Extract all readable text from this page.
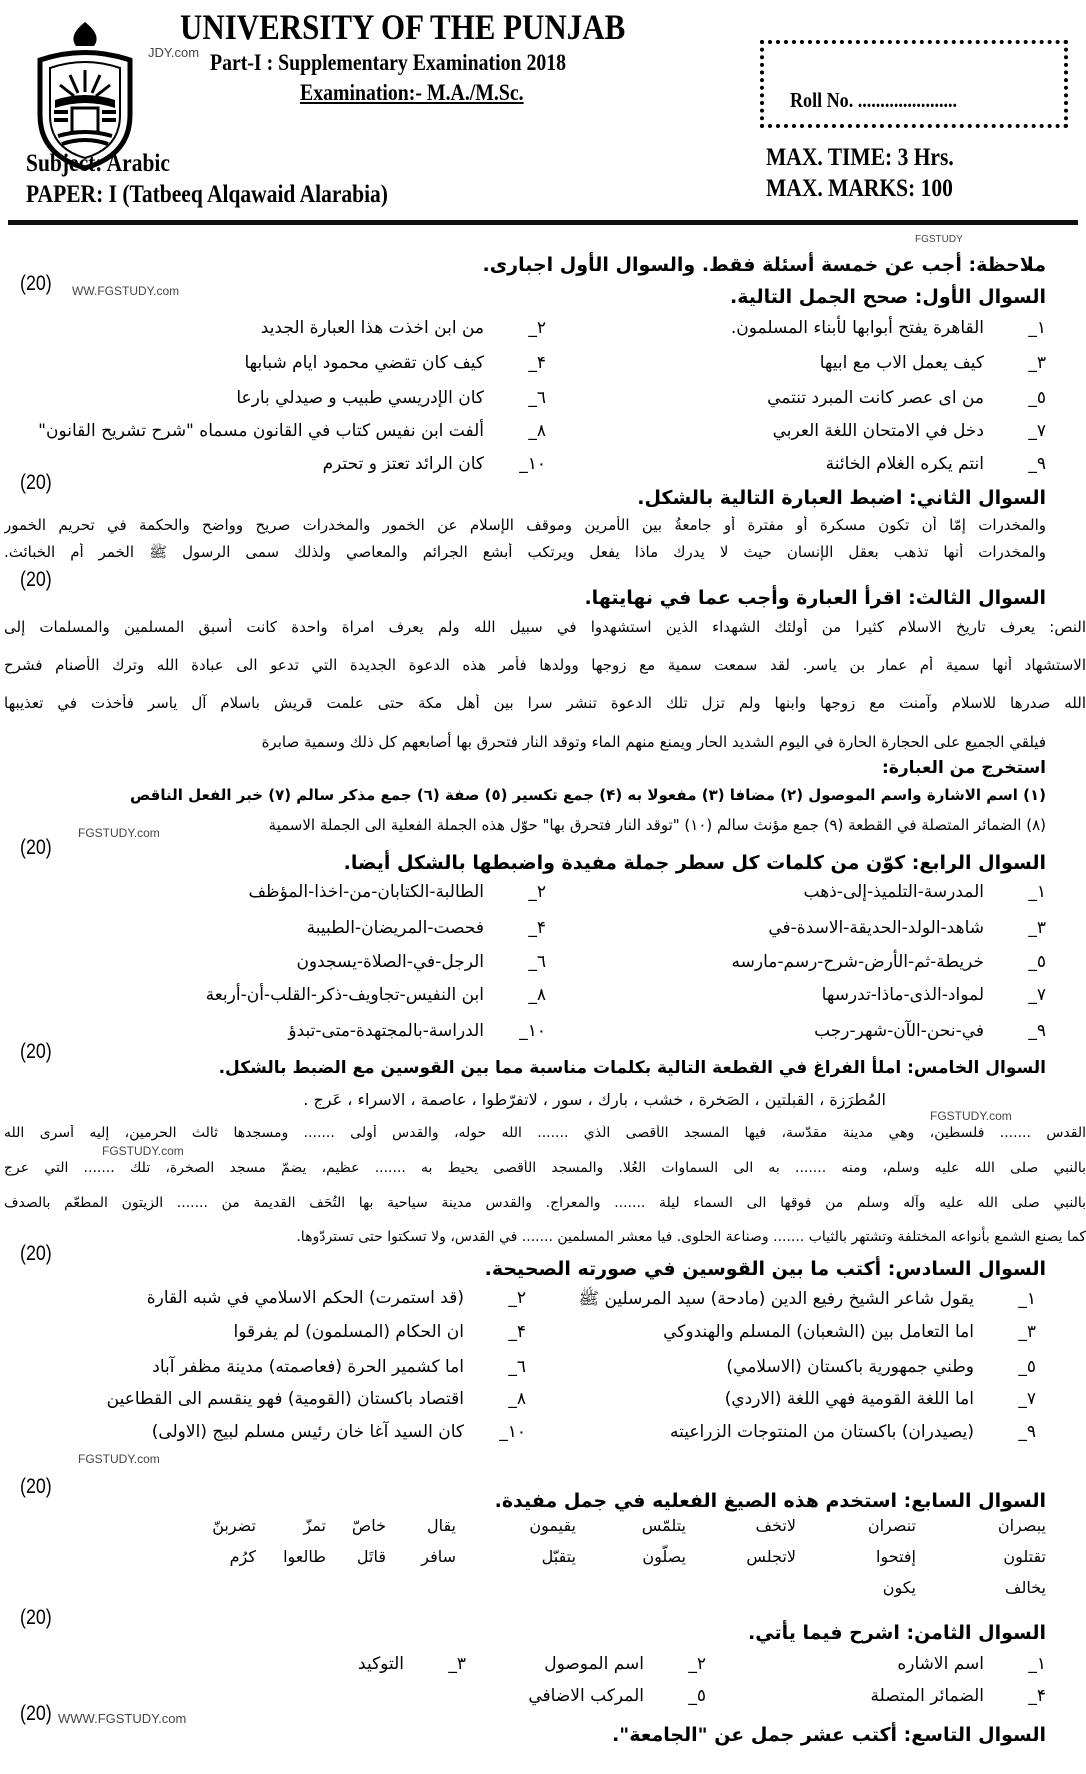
JDY.com
UNIVERSITY OF THE PUNJAB
Part-I : Supplementary Examination 2018
Examination:- M.A./M.Sc.	Roll No. ......................
Subject: Arabic
PAPER: I (Tatbeeq Alqawaid Alarabia)
MAX. TIME: 3 Hrs.
MAX. MARKS: 100
FGSTUDY
ملاحظة: أجب عن خمسة أسئلة فقط. والسوال الأول اجبارى.
(20) WW.FGSTUDY.com	السوال الأول: صحح الجمل التالية.
١_القاهرة يفتح أبوابها لأبناء المسلمون.
٢_من ابن اخذت هذا العبارة الجديد
٣_كيف يعمل الاب مع ابيها
۴_كيف كان تقضي محمود ايام شبابها
٥_من اى عصر كانت المبرد تنتمي
٦_كان الإدريسي طبيب و صيدلي بارعا
٧_دخل في الامتحان اللغة العربي
٨_ألفت ابن نفيس كتاب في القانون مسماه "شرح تشريح القانون"
٩_انتم يكره الغلام الخائنة
١٠_كان الرائد تعتز و تحترم
(20)
السوال الثاني: اضبط العبارة التالية بالشكل.
والمخدرات إمّا أن تكون مسكرة أو مفترة أو جامعةُ بين الأمرين وموقف الإسلام عن الخمور والمخدرات صريح وواضح والحكمة في تحريم الخمور
والمخدرات أنها تذهب بعقل الإنسان حيث لا يدرك ماذا يفعل ويرتكب أبشع الجرائم والمعاصي ولذلك سمى الرسول ﷺ الخمر أم الخبائث.
(20)
السوال الثالث: اقرأ العبارة وأجب عما في نهايتها.
النص: يعرف تاريخ الاسلام كثيرا من أولئك الشهداء الذين استشهدوا في سبيل الله ولم يعرف امراة واحدة كانت أسبق المسلمين والمسلمات إلى
الاستشهاد أنها سمية أم عمار بن ياسر. لقد سمعت سمية مع زوجها وولدها فأمر هذه الدعوة الجديدة التي تدعو الى عبادة الله وترك الأصنام فشرح
الله صدرها للاسلام وآمنت مع زوجها وابنها ولم تزل تلك الدعوة تنشر سرا بين أهل مكة حتى علمت قريش باسلام آل ياسر فأخذت في تعذيبها
فيلقي الجميع على الحجارة الحارة في اليوم الشديد الحار ويمنع منهم الماء وتوقد النار فتحرق بها أصابعهم كل ذلك وسمية صابرة
استخرج من العبارة:
(١) اسم الاشارة واسم الموصول (٢) مضافا (٣) مفعولا به (۴) جمع تكسير (٥) صفة (٦) جمع مذكر سالم (٧) خبر الفعل الناقص
(٨) الضمائر المتصلة في القطعة (٩) جمع مؤنث سالم (١٠) "توقد النار فتحرق بها" حوّل هذه الجملة الفعلية الى الجملة الاسمية
FGSTUDY.com
(20)
السوال الرابع: كوّن من كلمات كل سطر جملة مفيدة واضبطها بالشكل أيضا.
١_المدرسة-التلميذ-إلى-ذهب
٢_الطالبة-الكتابان-من-اخذا-المؤظف
٣_شاهد-الولد-الحديقة-الاسدة-في
۴_فحصت-المريضان-الطبيبة
٥_خريطة-ثم-الأرض-شرح-رسم-مارسه
٦_الرجل-في-الصلاة-يسجدون
٧_لمواد-الذى-ماذا-تدرسها
٨_ابن النفيس-تجاويف-ذكر-القلب-أن-أربعة
٩_في-نحن-الآن-شهر-رجب
١٠_الدراسة-بالمجتهدة-متى-تبدؤ
(20)
السوال الخامس: املأ الفراغ في القطعة التالية بكلمات مناسبة مما بين القوسين مع الضبط بالشكل.
المُطرَزة ، القبلتين ، الصَخرة ، خشب ، بارك ، سور ، لاتفرّطوا ، عاصمة ، الاسراء ، عَرج .
FGSTUDY.com
القدس ....... فلسطين، وهي مدينة مقدّسة، فيها المسجد الأقصى الّذي ....... الله حوله، والقدس أُولى ....... ومسجدها ثالث الحرمين، إليه أسرى الله
بالنبي صلى الله عليه وسلم، ومنه ....... به الى السماوات العُلا. والمسجد الأقصى يحيط به ....... عظيم، يضمّ مسجد الصخرة، تلك ....... التي عرج
FGSTUDY.com
بالنبي صلى الله عليه وآله وسلم من فوقها الى السماء ليلة ....... والمعراج. والقدس مدينة سياحية بها التُحَف القديمة من ....... الزيتون المطعّم بالصدف
كما يصنع الشمع بأنواعه المختلفة وتشتهر بالثياب ....... وصناعة الحلوى. فيا معشر المسلمين ....... في القدس، ولا تسكتوا حتى تستردّوها.
(20)
السوال السادس: أكتب ما بين القوسين في صورته الصحيحة.
١_يقول شاعر الشيخ رفيع الدين (مادحة) سيد المرسلين ﷺ
٢_(قد استمرت) الحكم الاسلامي في شبه القارة
٣_اما التعامل بين (الشعبان) المسلم والهندوكي
۴_ان الحكام (المسلمون) لم يفرقوا
٥_وطني جمهورية باكستان (الاسلامي)
٦_اما كشمير الحرة (فعاصمته) مدينة مظفر آباد
٧_اما اللغة القومية فهي اللغة (الاردي)
٨_اقتصاد باكستان (القومية) فهو ينقسم الى القطاعين
٩_(يصيدران) باكستان من المنتوجات الزراعيته
١٠_كان السيد آغا خان رئيس مسلم لبيج (الاولى)
FGSTUDY.com
(20)
السوال السابع: استخدم هذه الصيغ الفعليه في جمل مفيدة.
يبصران
تنصران
لاتخف
يتلمّس
يقيمون
يقال
خاصّ
تمزّ
تضربنّ
تقتلون
إفتحوا
لاتجلس
يصلّون
يتقبّل
سافر
قاتَل
طالعوا
كرُم
يخالف
يكون
(20)
السوال الثامن: اشرح فيما يأتي.
١_اسم الاشاره
٢_اسم الموصول
٣_التوكيد
۴_الضمائر المتصلة
٥_المركب الاضافي
(20) WWW.FGSTUDY.com
السوال التاسع: أكتب عشر جمل عن "الجامعة".
